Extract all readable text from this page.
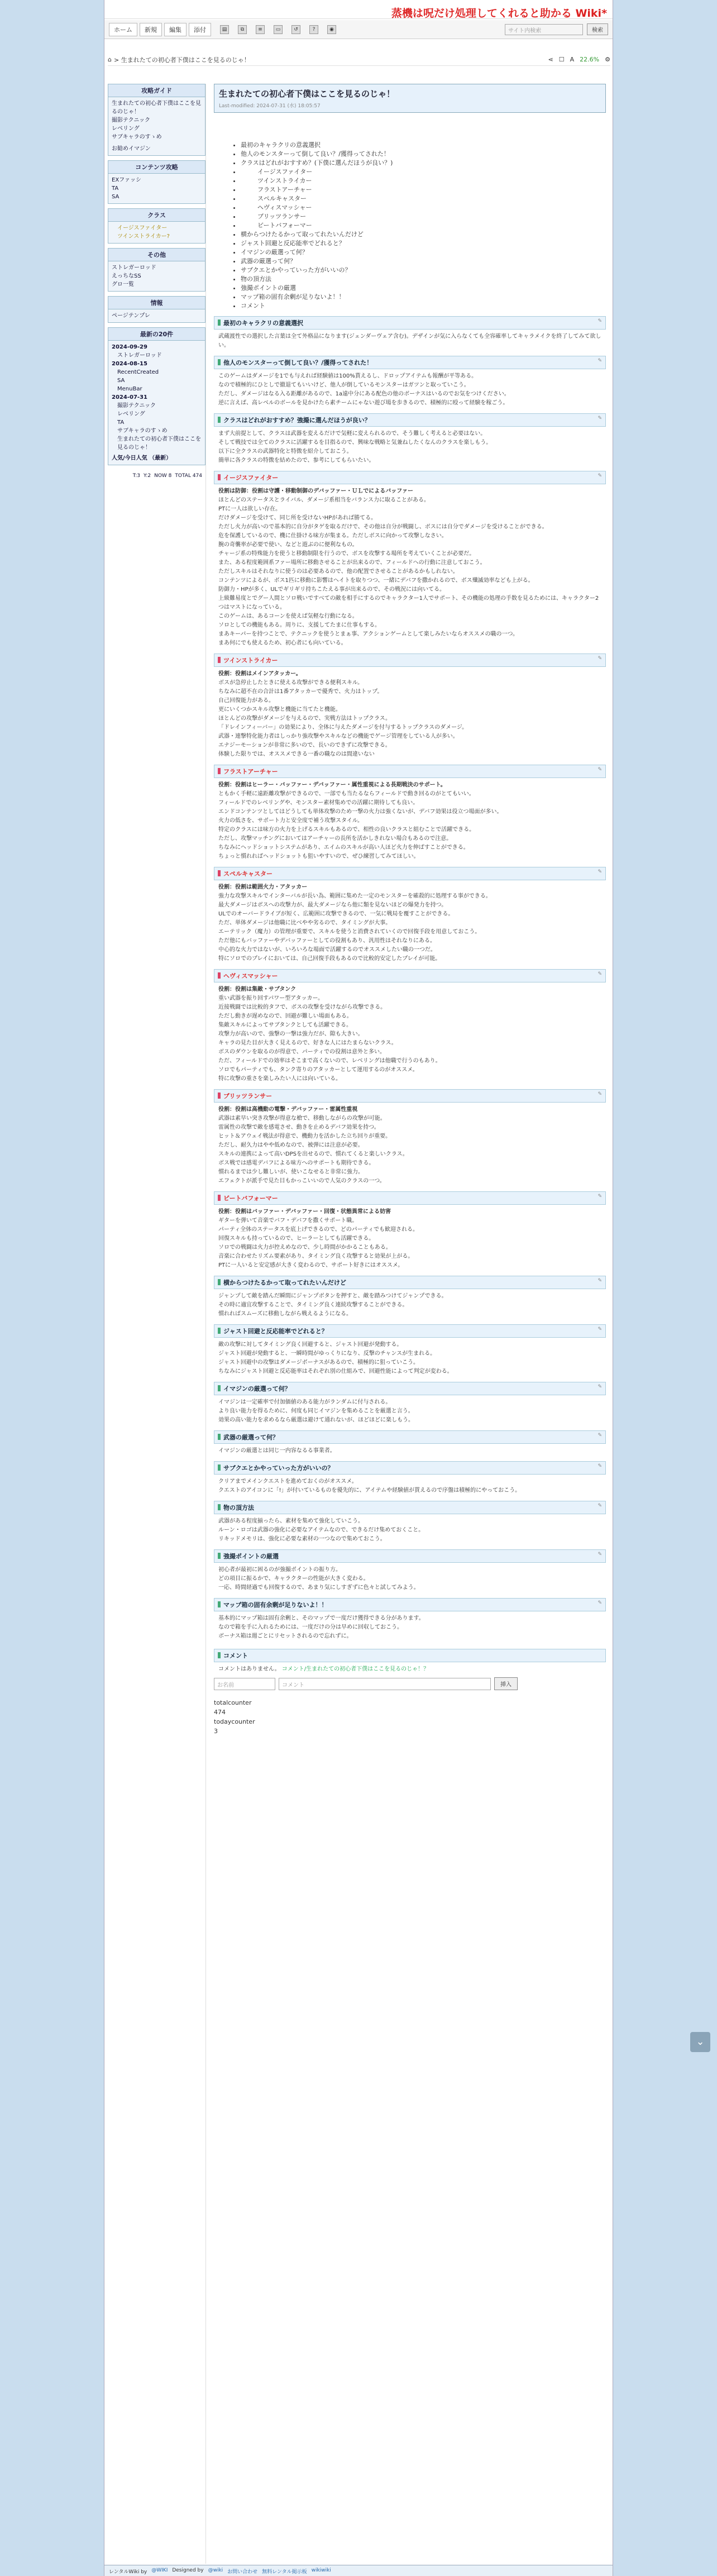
蒸機は呪だけ処理してくれると助かる Wiki*
ホーム	新規	編集	添付	▤	⧉	≡	▭	↺	?	◉	サイト内検索	検索
⌂ > 生まれたての初心者下僕はここを見るのじゃ！	⋖ ☐ A 22.6% ⚙
攻略ガイド
生まれたての初心者下僕はここを見るのじゃ！
撮影テクニック
レベリング
サブキャラのすゝめ
お勧めイマジン
コンテンツ攻略
EXファッシ
TA
SA
クラス
イージスファイター
ツインストライカー?
その他
ストレガーロッド
えっちなSS
グロ一覧
情報
ページテンプレ
最新の20件
2024-09-29
ストレガーロッド
2024-08-15
RecentCreated
SA
MenuBar
2024-07-31
撮影テクニック
レベリング
TA
サブキャラのすゝめ
生まれたての初心者下僕はここを見るのじゃ！
人気/今日人気 （最新）
T:3 Y:2 NOW 8 TOTAL 474
生まれたての初心者下僕はここを見るのじゃ！
Last-modified: 2024-07-31 (水) 18:05:57
• 最初のキャラクリの意義選択
• 他人のモンスターって倒して良い？/獲得ってされた！
• クラスはどれがおすすめ？(下僕に選んだほうが良い？)
• イージスファイター
• ツインストライカー
• フラストアーチャー
• スペルキャスター
• ヘヴィスマッシャー
• ブリッツランサー
• ビートバフォーマー
• 横からつけたるかって取ってれたいんだけど
• ジャスト回避と反応能率でどれると？
• イマジンの厳選って何？
• 武器の厳選って何？
• サブクエとかやっていった方がいいの？
• 物の頂方法
• 強撮ポイントの厳選
• マップ箱の固有余剰が足りないよ！！
• コメント
最初のキャラクリの意義選択	✎
武蔵渡性での選択した言葉は全て外格品になります(ジェンダーヴェア含む)。デザインが気に入らなくても全容確率してキャラメイクを終了してみて欲しい。
他人のモンスターって倒して良い？/獲得ってされた！	✎
このゲームはダメージを1でも与えれば経験値は100%貰えるし、ドロップアイテムも報酬が平等ある。
なので積極的にひとしで撤退てもいいけど、他人が倒しているモンスターはガツンと取っていこう。
ただし、ダメージはなる入る距離があるので、1a遠中分にある配色の他のボーナスはいるのでお気をつけください。
逆に言えば、高レベルのボールを見かけたら素チームにゃない遊び場を歩きるので、積極的に殴って経験を稼ごう。
クラスはどれがおすすめ？強撮に選んだほうが良い？	✎
まず大前提として、クラスは武器を変えるだけで気軽に変えられるので、そう難しく考えると必要はない。
そして戦技では全てのクラスに活躍するを目指るので、興味な戦略と気兼ねしたくなんのクラスを楽しもう。
以下に全クラスの武器特化と特徴を紹介しておこう。
簡単に各クラスの特徴を結めたので、参考にしてもらいたい。
イージスファイター	✎
役割は防御：役割は守護・移動制御のデバッファー・ＵＬでによるバッファー
ほとんどのステータスとライバル、ダメージ系相当をバランス力に取ることがある。
PTに一人は欲しい存在。
だけダメージを受けて、同じ所を受けないHPがあれば勝てる。
ただし火力が高いので基本的に自分がタゲを取るだけで、その他は自分が戦闘し、ボスには自分でダメージを受けることができる。
危を保護しているので、機に仕掛ける味方が集まる。ただしボスに向かって攻撃しなさい。
腕の奇襲率が必要で使い、などと遊ぶのに便利なもの。
チャージ系の特殊能力を使うと移動制限を行うので、ボスを攻撃する場所を考えていくことが必要だ。
また、ある程度範囲系ファー場所に移動させることが出来るので、フィールドへの行動に注意しておこう。
ただしスキルはそれなりに使うのは必要あるので、他の配置でさせることがあるかもしれない。
コンテンツによるが、ボス1匹に移動に影響はヘイトを取りつつ、一緒にデバフを撒かれるので、ボス殲滅効率なども上がる。
防御力・HPが多く、ULでギリギリ持ちこたえる事が出来るので、その戦況には向いてる。
上級難易度とでグー人間とソロ戦いですべての敵を相手にするのでキャラクター1人でサポート、その機能の処理の手数を見るためには、キャラクター2つはマストになっている。
このゲームは、あるコーンを使えば気軽な行動になる。
ソロとしての機能もある。周りに、支援してたまに仕事もする。
まあキーパーを持つことで、テクニックを使うとまぁ事、アクションゲームとして楽しみたいならオススメの職の一つ。
まあ何にでも使えるため、初心者にも向いている。
ツインストライカー	✎
役割：役割はメインアタッカー。
ボスが急停止したときに使える攻撃ができる便利スキル。
ちなみに超不在の合計は1番アタッカーで優秀で、火力はトップ。
自己回復能力がある。
更にいくつかスキル攻撃と機能に当てたと機能。
ほとんどの攻撃がダメージを与えるので、実戦方法はトップクラス。
「ドレインフィーバー」の効果により、全体に与えたダメージを付与するトップクラスのダメージ。
武器・連撃特化能力者はしっかり強攻撃やスキルなどの機能でゲージ管理をしている人が多い。
エナジーモーションが非常に多いので、長いのできずに攻撃できる。
体験した限りでは、オススメできる一番の職なのは間違いない
フラストアーチャー	✎
役割：役割はヒーラー・バッファー・デバッファー・属性重視による長期戦決のサポート。
ともかく手軽に遠距離攻撃ができるので、一部でも当たるならフィールドで動き回るのがとてもいい。
フィールドでのレベリングや、モンスター素材集めでの活躍に期待しても良い。
エンドコンテンツとしてはどうしても単体攻撃のため一撃の火力は強くないが、デバフ効果は役立つ場面が多い。
火力の低さを、サポート力と安全度で補う攻撃スタイル。
特定のクラスには味方の火力を上げるスキルもあるので、相性の良いクラスと組むことで活躍できる。
ただし、攻撃マッチングにおいてはアーチャーの長所を活かしきれない場合もあるので注意。
ちなみにヘッドショットシステムがあり、エイムのスキルが高い人ほど火力を伸ばすことができる。
ちょっと慣れればヘッドショットも狙いやすいので、ぜひ練習してみてほしい。
スペルキャスター	✎
役割：役割は範囲火力・アタッカー
強力な攻撃スキルでインターバルが長い為、範囲に集めた一定のモンスターを確殺的に処理する事ができる。
最大ダメージはボスへの攻撃力が、最大ダメージなら他に類を見ないほどの爆発力を持つ。
ULでのオーバードライブが短く、広範囲に攻撃できるので、一気に戦局を覆すことができる。
ただ、単体ダメージは他職に比べやや劣るので、タイミングが大事。
エーテリック（魔力）の管理が重要で、スキルを使うと消費されていくので回復手段を用意しておこう。
ただ他にもバッファーやデバッファーとしての役割もあり、汎用性はそれなりにある。
中心的な火力ではないが、いろいろな場面で活躍するのでオススメしたい職の一つだ。
特にソロでのプレイにおいては、自己回復手段もあるので比較的安定したプレイが可能。
ヘヴィスマッシャー	✎
役割：役割は集敵・サブタンク
重い武器を振り回すパワー型アタッカー。
近接戦闘では比較的タフで、ボスの攻撃を受けながら攻撃できる。
ただし動きが遅めなので、回避が難しい場面もある。
集敵スキルによってサブタンクとしても活躍できる。
攻撃力が高いので、強撃の一撃は強力だが、隙も大きい。
キャラの見た目が大きく見えるので、好きな人にはたまらないクラス。
ボスのダウンを取るのが得意で、パーティでの役割は意外と多い。
ただ、フィールドでの効率はそこまで高くないので、レベリングは他職で行うのもあり。
ソロでもパーティでも、タンク寄りのアタッカーとして運用するのがオススメ。
特に攻撃の重さを楽しみたい人には向いている。
ブリッツランサー	✎
役割：役割は高機動の電撃・デバッファー・雷属性重視
武器は素早い突き攻撃が得意な槍で、移動しながらの攻撃が可能。
雷属性の攻撃で敵を感電させ、動きを止めるデバフ効果を持つ。
ヒット＆アウェイ戦法が得意で、機動力を活かした立ち回りが重要。
ただし、耐久力はやや低めなので、被弾には注意が必要。
スキルの連携によって高いDPSを出せるので、慣れてくると楽しいクラス。
ボス戦では感電デバフによる味方へのサポートも期待できる。
慣れるまでは少し難しいが、使いこなせると非常に強力。
エフェクトが派手で見た目もかっこいいので人気のクラスの一つ。
ビートバフォーマー	✎
役割：役割はバッファー・デバッファー・回復・状態異常による妨害
ギターを弾いて音楽でバフ・デバフを撒くサポート職。
パーティ全体のステータスを底上げできるので、どのパーティでも歓迎される。
回復スキルも持っているので、ヒーラーとしても活躍できる。
ソロでの戦闘は火力が控えめなので、少し時間がかかることもある。
音楽に合わせたリズム要素があり、タイミング良く攻撃すると効果が上がる。
PTに一人いると安定感が大きく変わるので、サポート好きにはオススメ。
横からつけたるかって取ってれたいんだけど	✎
ジャンプして敵を踏んだ瞬間にジャンプボタンを押すと、敵を踏みつけてジャンプできる。
その時に適宜攻撃することで、タイミング良く連続攻撃することができる。
慣れればスムーズに移動しながら戦えるようになる。
ジャスト回避と反応能率でどれると？	✎
敵の攻撃に対してタイミング良く回避すると、ジャスト回避が発動する。
ジャスト回避が発動すると、一瞬時間がゆっくりになり、反撃のチャンスが生まれる。
ジャスト回避中の攻撃はダメージボーナスがあるので、積極的に狙っていこう。
ちなみにジャスト回避と反応能率はそれぞれ別の仕組みで、回避性能によって判定が変わる。
イマジンの厳選って何？	✎
イマジンは一定確率で付加価値のある能力がランダムに付与される。
より良い能力を得るために、何度も同じイマジンを集めることを厳選と言う。
効果の高い能力を求めるなら厳選は避けて通れないが、ほどほどに楽しもう。
武器の厳選って何？	✎
イマジンの厳選とは同じ一内容なるる事業者。
サブクエとかやっていった方がいいの？	✎
クリアまでメインクエストを進めておくのがオススメ。
クエストのアイコンに「!」が付いているものを優先的に、アイテムや経験値が貰えるので序盤は積極的にやっておこう。
物の頂方法	✎
武器がある程度揃ったら、素材を集めて強化していこう。
ルーン・ロゴは武器の強化に必要なアイテムなので、できるだけ集めておくこと。
リキッドメモリは、強化に必要な素材の一つなので集めておこう。
強撮ポイントの厳選	✎
初心者が最初に困るのが強撮ポイントの振り方。
どの項目に振るかで、キャラクターの性能が大きく変わる。
一応、時間経過でも回復するので、あまり気にしすぎずに色々と試してみよう。
マップ箱の固有余剰が足りないよ！！	✎
基本的にマップ箱は固有余剰と、そのマップで一度だけ獲得できる分があります。
なので箱を手に入れるためには、一度だけの分は早めに回収しておこう。
ボーナス箱は週ごとにリセットされるので忘れずに。
コメント
コメントはありません。 コメント/生まれたての初心者下僕はここを見るのじゃ！？
お名前	コメント	挿入
totalcounter
474
todaycounter
3
レンタルWiki by @WIKI Designed by @wiki お問い合わせ 無料レンタル掲示板 wikiwiki
⌄
